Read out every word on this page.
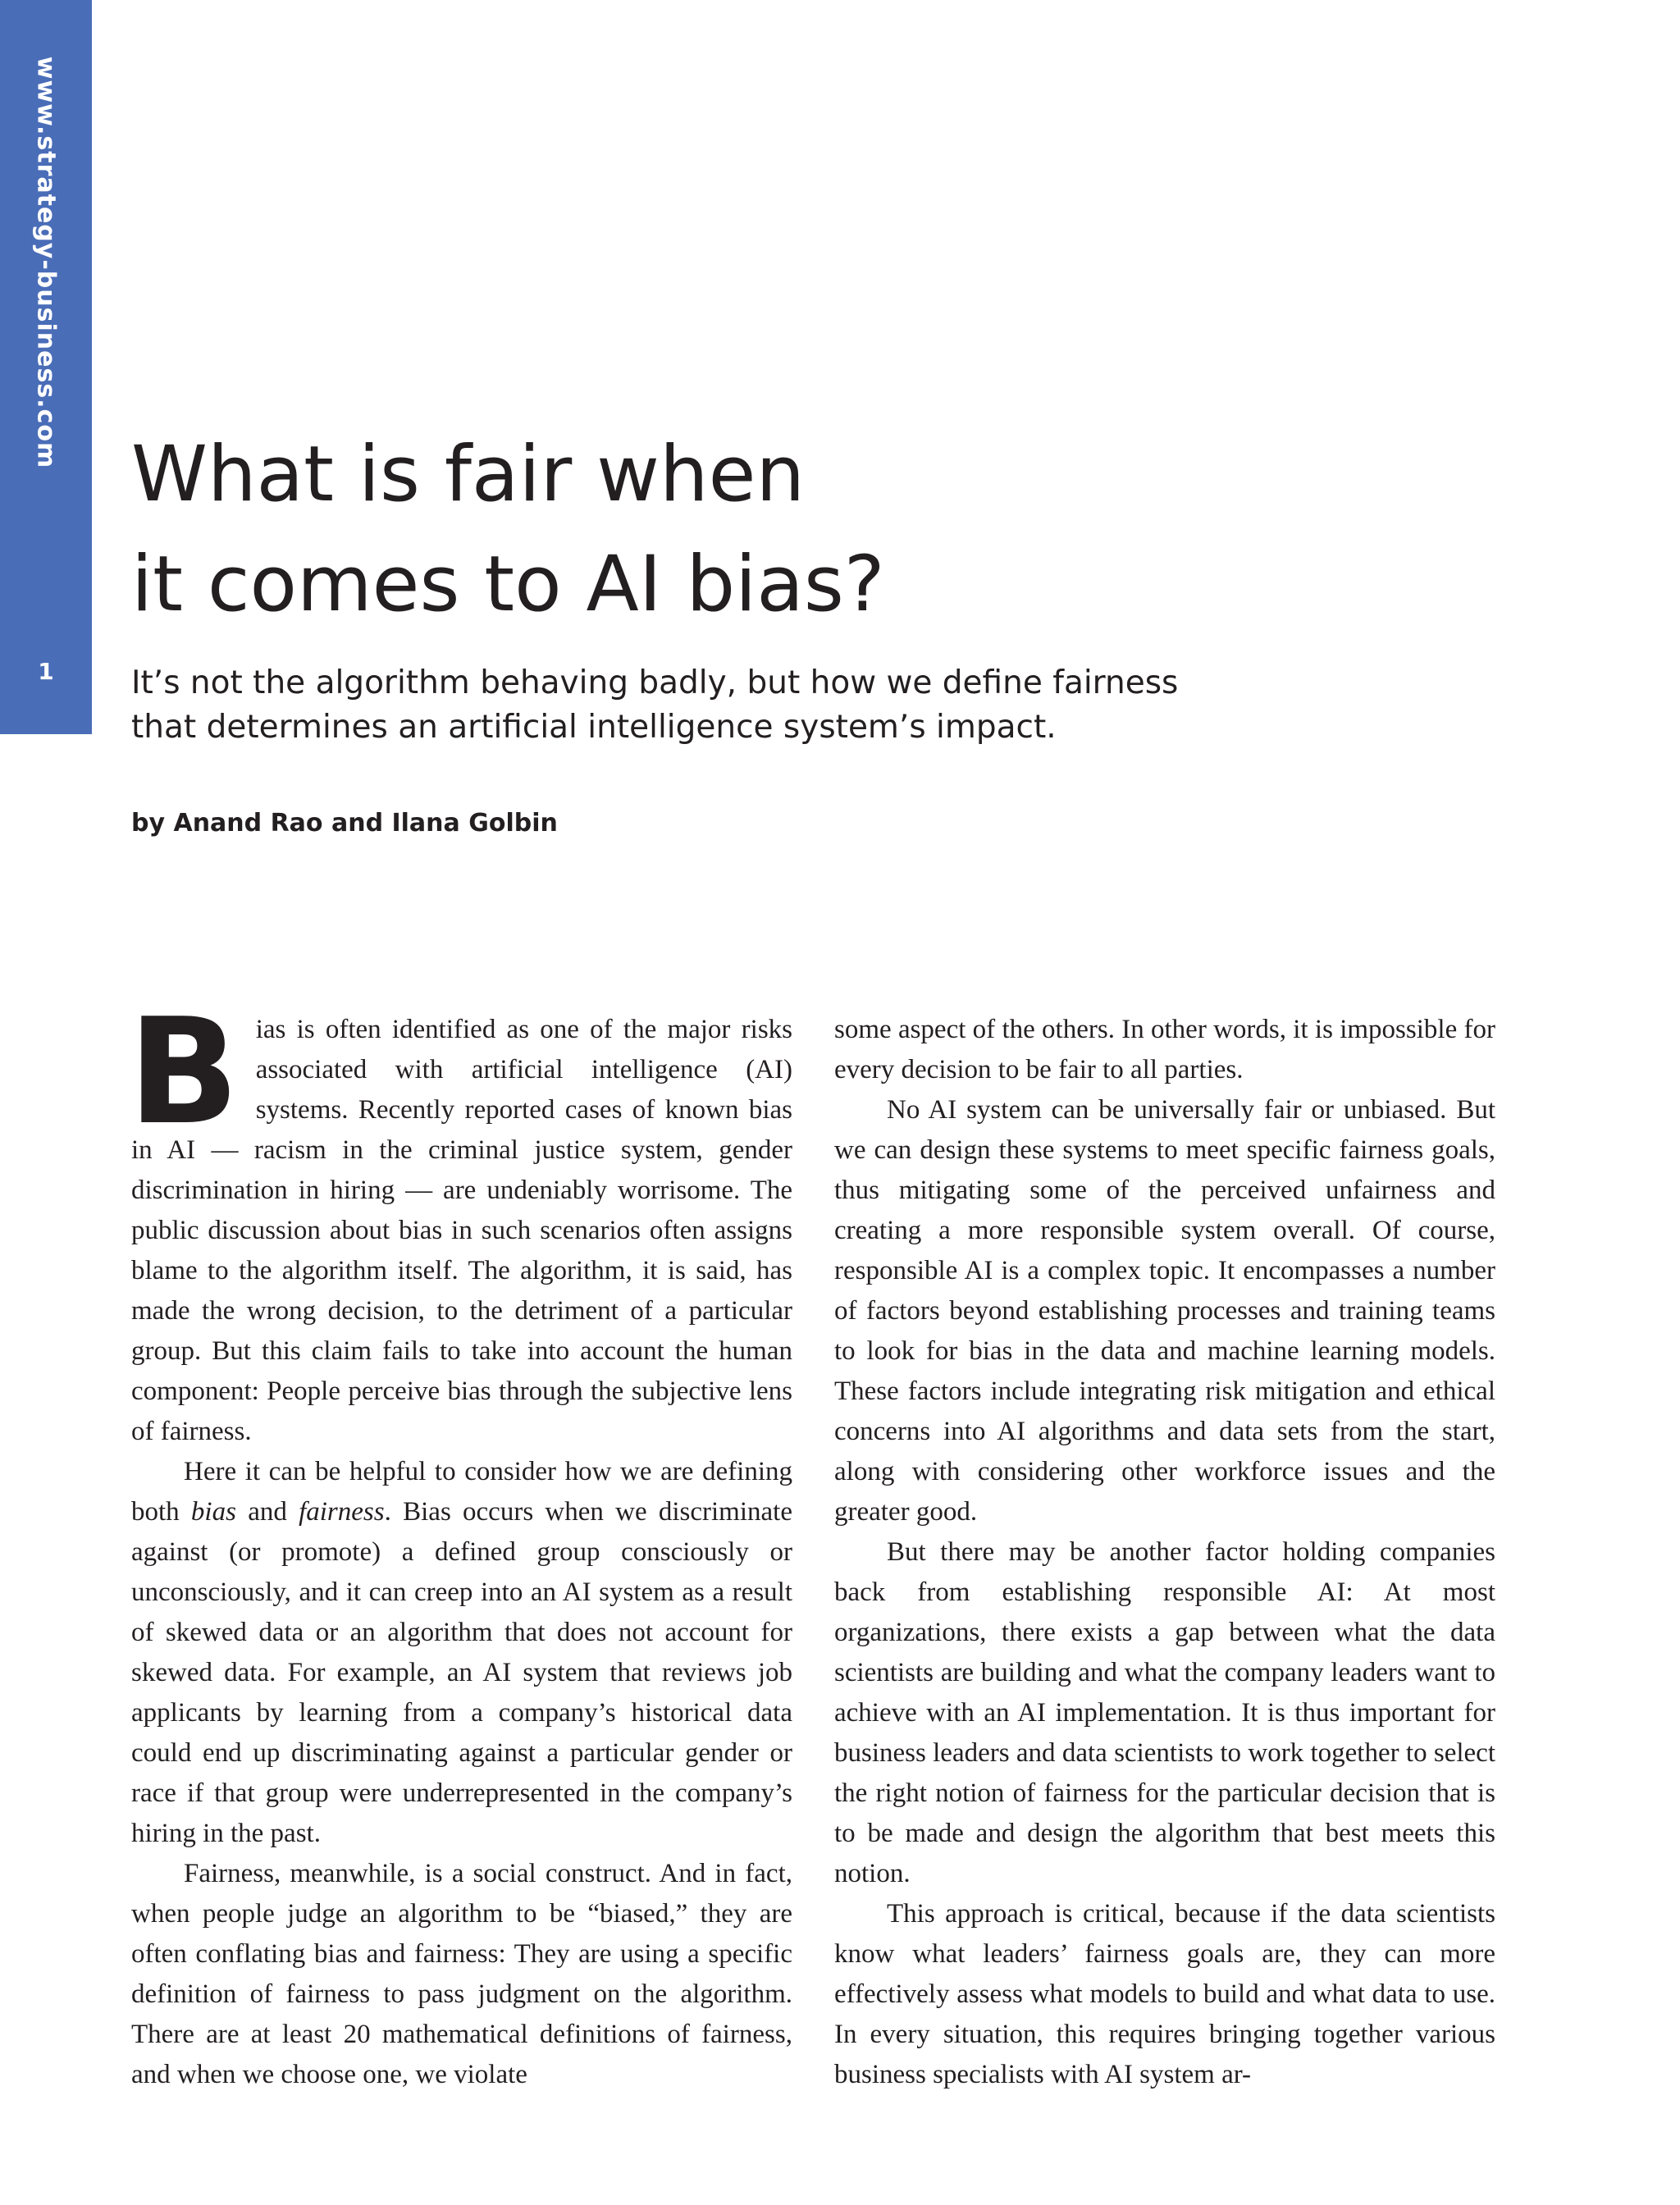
www.strategy-business.com
1
What is fair when
it comes to AI bias?

It’s not the algorithm behaving badly, but how we define fairness
that determines an artificial intelligence system’s impact.

by Anand Rao and Ilana Golbin

Bias is often identified as one of the major risks associated with artificial intelligence (AI) systems. Recently reported cases of known bias in AI — racism in the criminal justice system, gender discrimination in hiring — are undeniably worrisome. The public discussion about bias in such scenarios often assigns blame to the algorithm itself. The algorithm, it is said, has made the wrong decision, to the detriment of a particular group. But this claim fails to take into account the human component: People perceive bias through the subjective lens of fairness.

Here it can be helpful to consider how we are defining both bias and fairness. Bias occurs when we discriminate against (or promote) a defined group consciously or unconsciously, and it can creep into an AI system as a result of skewed data or an algorithm that does not account for skewed data. For example, an AI system that reviews job applicants by learning from a company’s historical data could end up discriminating against a particular gender or race if that group were underrepresented in the company’s hiring in the past.

Fairness, meanwhile, is a social construct. And in fact, when people judge an algorithm to be “biased,” they are often conflating bias and fairness: They are using a specific definition of fairness to pass judgment on the algorithm. There are at least 20 mathematical definitions of fairness, and when we choose one, we violate

some aspect of the others. In other words, it is impossible for every decision to be fair to all parties.

No AI system can be universally fair or unbiased. But we can design these systems to meet specific fairness goals, thus mitigating some of the perceived unfairness and creating a more responsible system overall. Of course, responsible AI is a complex topic. It encompasses a number of factors beyond establishing processes and training teams to look for bias in the data and machine learning models. These factors include integrating risk mitigation and ethical concerns into AI algorithms and data sets from the start, along with considering other workforce issues and the greater good.

But there may be another factor holding companies back from establishing responsible AI: At most organizations, there exists a gap between what the data scientists are building and what the company leaders want to achieve with an AI implementation. It is thus important for business leaders and data scientists to work together to select the right notion of fairness for the particular decision that is to be made and design the algorithm that best meets this notion.

This approach is critical, because if the data scientists know what leaders’ fairness goals are, they can more effectively assess what models to build and what data to use. In every situation, this requires bringing together various business specialists with AI system ar-
